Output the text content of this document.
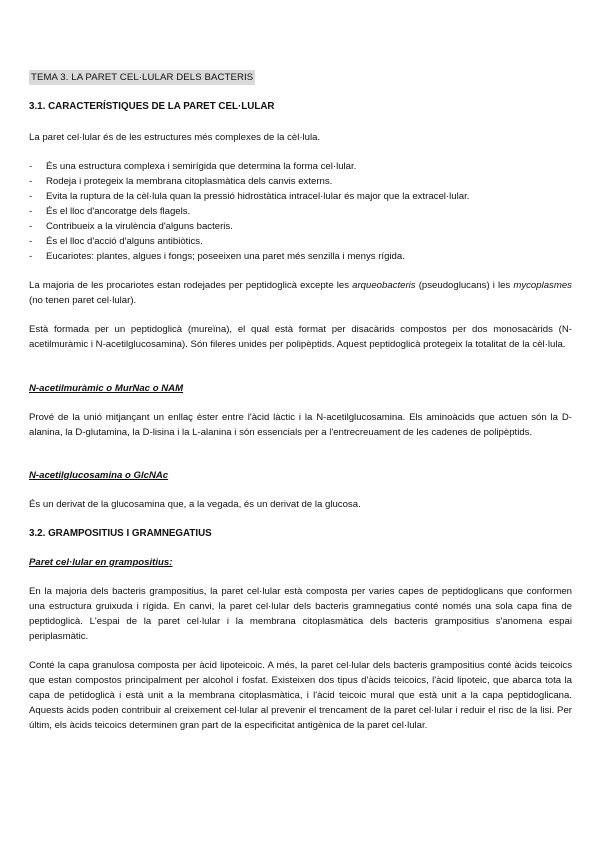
TEMA 3. LA PARET CEL·LULAR DELS BACTERIS
3.1. CARACTERÍSTIQUES DE LA PARET CEL·LULAR
La paret cel·lular és de les estructures més complexes de la cèl·lula.
- És una estructura complexa i semirígida que determina la forma cel·lular.
- Rodeja i protegeix la membrana citoplasmàtica dels canvis externs.
- Evita la ruptura de la cèl·lula quan la pressió hidrostàtica intracel·lular és major que la extracel·lular.
- És el lloc d'ancoratge dels flagels.
- Contribueix a la virulència d'alguns bacteris.
- És el lloc d'acció d'alguns antibiòtics.
- Eucariotes: plantes, algues i fongs; poseeixen una paret més senzilla i menys rígida.
La majoria de les procariotes estan rodejades per peptidoglicà excepte les arqueobacteris (pseudoglucans) i les mycoplasmes (no tenen paret cel·lular).
Està formada per un peptidoglicà (mureïna), el qual està format per disacàrids compostos per dos monosacàrids (N-acetilmuràmic i N-acetilglucosamina). Són fileres unides per polipèptids. Aquest peptidoglicà protegeix la totalitat de la cèl·lula.
N-acetilmuràmic o MurNac o NAM
Prové de la unió mitjançant un enllaç èster entre l'àcid làctic i la N-acetilglucosamina. Els aminoàcids que actuen són la D-alanina, la D-glutamina, la D-lisina i la L-alanina i són essencials per a l'entrecreuament de les cadenes de polipèptids.
N-acetilglucosamina o GlcNAc
És un derivat de la glucosamina que, a la vegada, és un derivat de la glucosa.
3.2. GRAMPOSITIUS I GRAMNEGATIUS
Paret cel·lular en grampositius:
En la majoria dels bacteris grampositius, la paret cel·lular està composta per varies capes de peptidoglicans que conformen una estructura gruixuda i rígida. En canvi, la paret cel·lular dels bacteris gramnegatius conté només una sola capa fina de peptidoglicà. L'espai de la paret cel·lular i la membrana citoplasmàtica dels bacteris grampositius s'anomena espai periplasmàtic.
Conté la capa granulosa composta per àcid lipoteicoic. A més, la paret cel·lular dels bacteris grampositius conté àcids teicoics que estan compostos principalment per alcohol i fosfat. Existeixen dos tipus d'àcids teicoics, l'àcid lipoteic, que abarca tota la capa de petidoglicà i està unit a la membrana citoplasmàtica, i l'àcid teicoic mural que està unit a la capa peptidoglicana. Aquests àcids poden contribuir al creixement cel·lular al prevenir el trencament de la paret cel·lular i reduir el risc de la lisi. Per últim, els àcids teicoics determinen gran part de la especificitat antigènica de la paret cel·lular.
